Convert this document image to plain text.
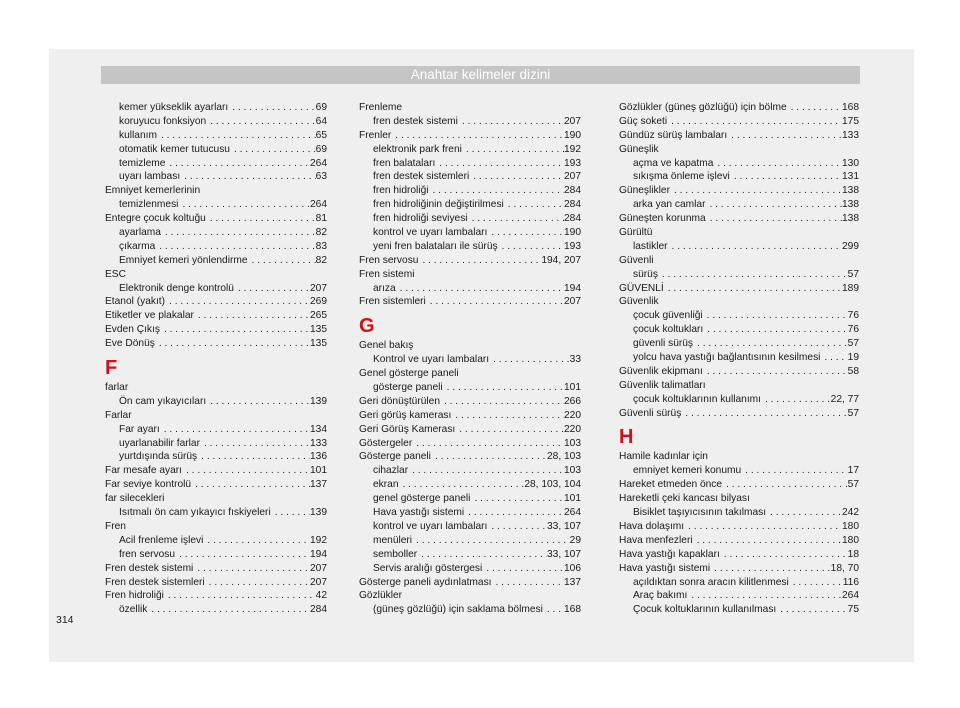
Anahtar kelimeler dizini
kemer yükseklik ayarları . . .	69
koruyucu fonksiyon . . .	64
kullanım . . .	65
otomatik kemer tutucusu . . .	69
temizleme . . .	264
uyarı lambası . . .	63
Emniyet kemerlerinin
temizlenmesi . . .	264
Entegre çocuk koltuğu . . .	81
ayarlama . . .	82
çıkarma . . .	83
Emniyet kemeri yönlendirme . . .	82
ESC
Elektronik denge kontrolü . . .	207
Etanol (yakıt) . . .	269
Etiketler ve plakalar . . .	265
Evden Çıkış . . .	135
Eve Dönüş . . .	135
F
farlar
Ön cam yıkayıcıları . . .	139
Farlar
Far ayarı . . .	134
uyarlanabilir farlar . . .	133
yurtdışında sürüş . . .	136
Far mesafe ayarı . . .	101
Far seviye kontrolü . . .	137
far silecekleri
Isıtmalı ön cam yıkayıcı fıskiyeleri . . .	139
Fren
Acil frenleme işlevi . . .	192
fren servosu . . .	194
Fren destek sistemi . . .	207
Fren destek sistemleri . . .	207
Fren hidroliği . . .	42
özellik . . .	284
Frenleme
fren destek sistemi . . .	207
Frenler . . .	190
elektronik park freni . . .	192
fren balataları . . .	193
fren destek sistemleri . . .	207
fren hidroliği . . .	284
fren hidroliğinin değiştirilmesi . . .	284
fren hidroliği seviyesi . . .	284
kontrol ve uyarı lambaları . . .	190
yeni fren balataları ile sürüş . . .	193
Fren servosu . . .	194, 207
Fren sistemi
arıza . . .	194
Fren sistemleri . . .	207
G
Genel bakış
Kontrol ve uyarı lambaları . . .	33
Genel gösterge paneli
gösterge paneli . . .	101
Geri dönüştürülen . . .	266
Geri görüş kamerası . . .	220
Geri Görüş Kamerası . . .	220
Göstergeler . . .	103
Gösterge paneli . . .	28, 103
cihazlar . . .	103
ekran . . .	28, 103, 104
genel gösterge paneli . . .	101
Hava yastığı sistemi . . .	264
kontrol ve uyarı lambaları . . .	33, 107
menüleri . . .	29
semboller . . .	33, 107
Servis aralığı göstergesi . . .	106
Gösterge paneli aydınlatması . . .	137
Gözlükler
(güneş gözlüğü) için saklama bölmesi . . . 168
Gözlükler (güneş gözlüğü) için bölme . . .	168
Güç soketi . . .	175
Gündüz sürüş lambaları . . .	133
Güneşlik
açma ve kapatma . . .	130
sıkışma önleme işlevi . . .	131
Güneşlikler . . .	138
arka yan camlar . . .	138
Güneşten korunma . . .	138
Gürültü
lastikler . . .	299
Güvenli
sürüş . . .	57
GÜVENLİ . . .	189
Güvenlik
çocuk güvenliği . . .	76
çocuk koltukları . . .	76
güvenli sürüş . . .	57
yolcu hava yastığı bağlantısının kesilmesi . . .	19
Güvenlik ekipmanı . . .	58
Güvenlik talimatları
çocuk koltuklarının kullanımı . . .	22, 77
Güvenli sürüş . . .	57
H
Hamile kadınlar için
emniyet kemeri konumu . . .	17
Hareket etmeden önce . . .	57
Hareketli çeki kancası bilyası
Bisiklet taşıyıcısının takılması . . .	242
Hava dolaşımı . . .	180
Hava menfezleri . . .	180
Hava yastığı kapakları . . .	18
Hava yastığı sistemi . . .	18, 70
açıldıktan sonra aracın kilitlenmesi . . .	116
Araç bakımı . . .	264
Çocuk koltuklarının kullanılması . . .	75
314
